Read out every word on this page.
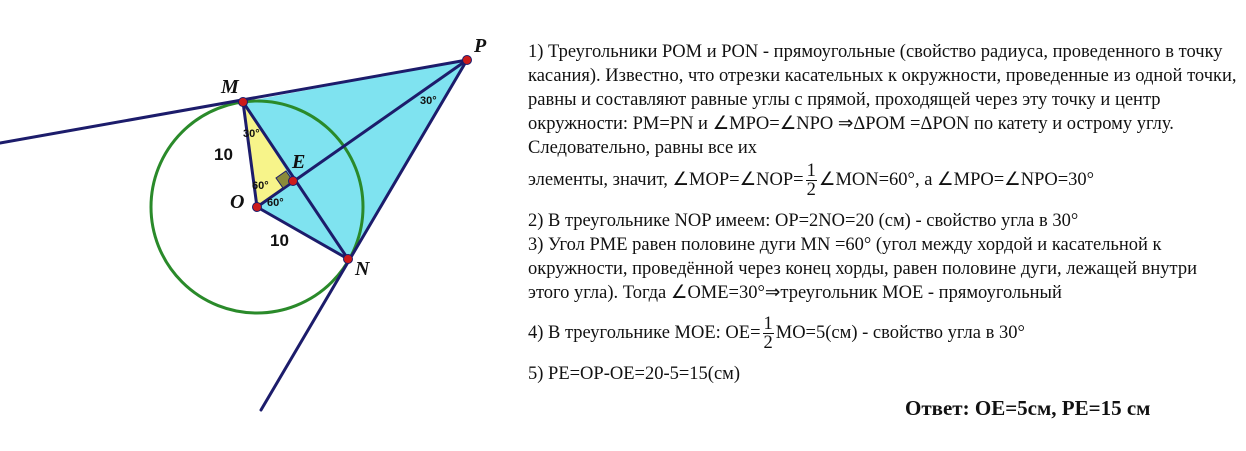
P
M
O
E
N
10
10
30°
30°
60°
60°

1) Треугольники POM и PON - прямоугольные (свойство радиуса, проведенного в точку касания). Известно, что отрезки касательных к окружности, проведенные из одной точки, равны и составляют равные углы с прямой, проходящей через эту точку и центр окружности: PM=PN и ∠MPO=∠NPO ⇒ΔPOM =ΔPON по катету и острому углу. Следовательно, равны все их

элементы, значит, ∠MOP=∠NOP= $\frac{1}{2}$ ∠MON=60°, а ∠MPO=∠NPO=30°

2) В треугольнике NOP имеем: OP=2NO=20 (см) - свойство угла в 30°

3) Угол PME равен половине дуги MN =60° (угол между хордой и касательной к окружности, проведённой через конец хорды, равен половине дуги, лежащей внутри этого угла). Тогда ∠OME=30°⇒треугольник MOE - прямоугольный

4) В треугольнике MOE: $OE= \frac{1}{2} MO=5(см)$ - свойство угла в 30°

5) PE=OP-OE=20-5=15(см)

Ответ: OE=5см, PE=15 см
